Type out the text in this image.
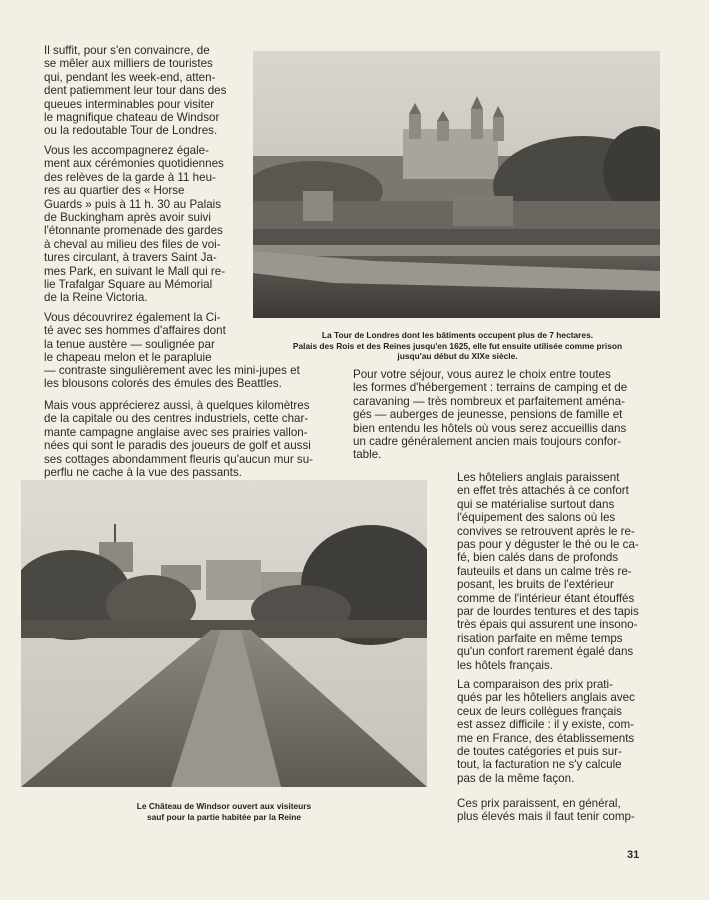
Il suffit, pour s'en convaincre, de
se mêler aux milliers de touristes
qui, pendant les week-end, atten-
dent patiemment leur tour dans des
queues interminables pour visiter
le magnifique chateau de Windsor
ou la redoutable Tour de Londres.
Vous les accompagnerez égale-
ment aux cérémonies quotidiennes
des relèves de la garde à 11 heu-
res au quartier des « Horse
Guards » puis à 11 h. 30 au Palais
de Buckingham après avoir suivi
l'étonnante promenade des gardes
à cheval au milieu des files de voi-
tures circulant, à travers Saint Ja-
mes Park, en suivant le Mall qui re-
lie Trafalgar Square au Mémorial
de la Reine Victoria.
Vous découvrirez également la Ci-
té avec ses hommes d'affaires dont
la tenue austère — soulignée par
le chapeau melon et le parapluie
— contraste singulièrement avec les mini-jupes et
les blousons colorés des émules des Beattles.
Mais vous apprécierez aussi, à quelques kilomètres
de la capitale ou des centres industriels, cette char-
mante campagne anglaise avec ses prairies vallon-
nées qui sont le paradis des joueurs de golf et aussi
ses cottages abondamment fleuris qu'aucun mur su-
perflu ne cache à la vue des passants.
La Tour de Londres dont les bâtiments occupent plus de 7 hectares.
Palais des Rois et des Reines jusqu'en 1625, elle fut ensuite utilisée comme prison
jusqu'au début du XIXe siècle.
Pour votre séjour, vous aurez le choix entre toutes
les formes d'hébergement : terrains de camping et de
caravaning — très nombreux et parfaitement aména-
gés — auberges de jeunesse, pensions de famille et
bien entendu les hôtels où vous serez accueillis dans
un cadre généralement ancien mais toujours confor-
table.
Le Château de Windsor ouvert aux visiteurs
sauf pour la partie habitée par la Reine
Les hôteliers anglais paraissent
en effet très attachés à ce confort
qui se matérialise surtout dans
l'équipement des salons où les
convives se retrouvent après le re-
pas pour y déguster le thé ou le ca-
fé, bien calés dans de profonds
fauteuils et dans un calme très re-
posant, les bruits de l'extérieur
comme de l'intérieur étant étouffés
par de lourdes tentures et des tapis
très épais qui assurent une insono-
risation parfaite en même temps
qu'un confort rarement égalé dans
les hôtels français.
La comparaison des prix prati-
qués par les hôteliers anglais avec
ceux de leurs collègues français
est assez difficile : il y existe, com-
me en France, des établissements
de toutes catégories et puis sur-
tout, la facturation ne s'y calcule
pas de la même façon.
Ces prix paraissent, en général,
plus élevés mais il faut tenir comp-
31
